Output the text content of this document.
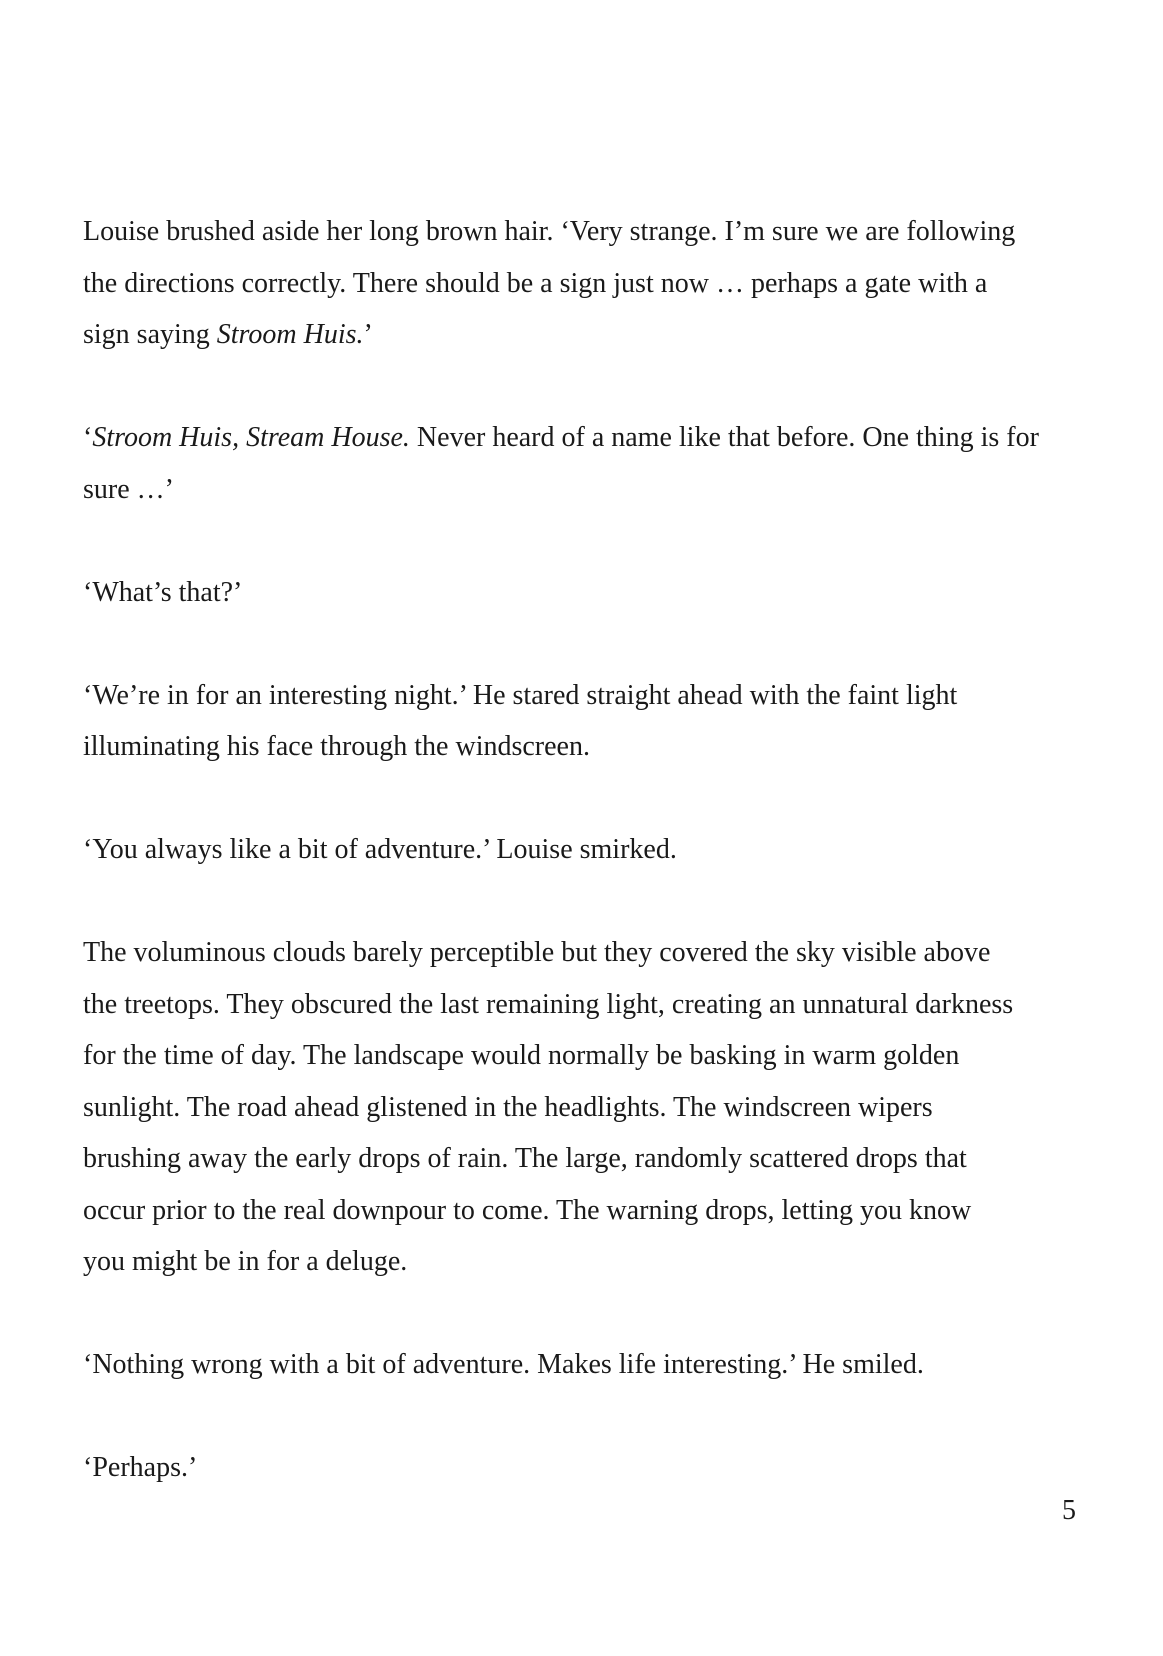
Louise brushed aside her long brown hair. ‘Very strange. I’m sure we are following
the directions correctly. There should be a sign just now … perhaps a gate with a
sign saying Stroom Huis.’

‘Stroom Huis, Stream House. Never heard of a name like that before. One thing is for
sure …’

‘What’s that?’

‘We’re in for an interesting night.’ He stared straight ahead with the faint light
illuminating his face through the windscreen.

‘You always like a bit of adventure.’ Louise smirked.

The voluminous clouds barely perceptible but they covered the sky visible above
the treetops. They obscured the last remaining light, creating an unnatural darkness
for the time of day. The landscape would normally be basking in warm golden
sunlight. The road ahead glistened in the headlights. The windscreen wipers
brushing away the early drops of rain. The large, randomly scattered drops that
occur prior to the real downpour to come. The warning drops, letting you know
you might be in for a deluge.

‘Nothing wrong with a bit of adventure. Makes life interesting.’ He smiled.

‘Perhaps.’

5
